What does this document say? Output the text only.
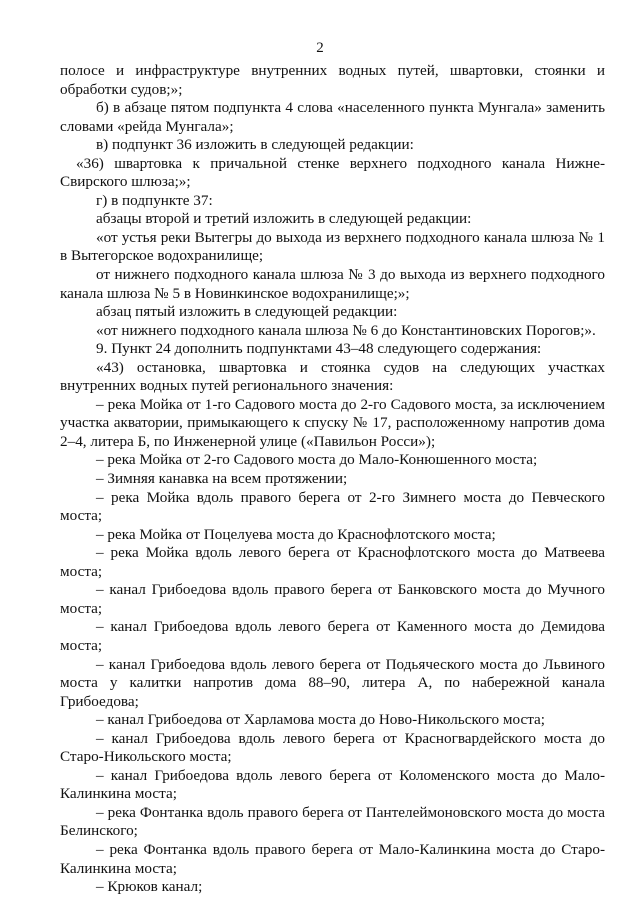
2

полосе и инфраструктуре внутренних водных путей, швартовки, стоянки и обработки судов;»;

б) в абзаце пятом подпункта 4 слова «населенного пункта Мунгала» заменить словами «рейда Мунгала»;

в) подпункт 36 изложить в следующей редакции:

«36) швартовка к причальной стенке верхнего подходного канала Нижне-Свирского шлюза;»;

г) в подпункте 37:

абзацы второй и третий изложить в следующей редакции:

«от устья реки Вытегры до выхода из верхнего подходного канала шлюза № 1 в Вытегорское водохранилище;

от нижнего подходного канала шлюза № 3 до выхода из верхнего подходного канала шлюза № 5 в Новинкинское водохранилище;»;

абзац пятый изложить в следующей редакции:

«от нижнего подходного канала шлюза № 6 до Константиновских Порогов;».

9. Пункт 24 дополнить подпунктами 43–48 следующего содержания:

«43) остановка, швартовка и стоянка судов на следующих участках внутренних водных путей регионального значения:

– река Мойка от 1-го Садового моста до 2-го Садового моста, за исключением участка акватории, примыкающего к спуску № 17, расположенному напротив дома 2–4, литера Б, по Инженерной улице («Павильон Росси»);

– река Мойка от 2-го Садового моста до Мало-Конюшенного моста;

– Зимняя канавка на всем протяжении;

– река Мойка вдоль правого берега от 2-го Зимнего моста до Певческого моста;

– река Мойка от Поцелуева моста до Краснофлотского моста;

– река Мойка вдоль левого берега от Краснофлотского моста до Матвеева моста;

– канал Грибоедова вдоль правого берега от Банковского моста до Мучного моста;

– канал Грибоедова вдоль левого берега от Каменного моста до Демидова моста;

– канал Грибоедова вдоль левого берега от Подьяческого моста до Львиного моста у калитки напротив дома 88–90, литера А, по набережной канала Грибоедова;

– канал Грибоедова от Харламова моста до Ново-Никольского моста;

– канал Грибоедова вдоль левого берега от Красногвардейского моста до Старо-Никольского моста;

– канал Грибоедова вдоль левого берега от Коломенского моста до Мало-Калинкина моста;

– река Фонтанка вдоль правого берега от Пантелеймоновского моста до моста Белинского;

– река Фонтанка вдоль правого берега от Мало-Калинкина моста до Старо-Калинкина моста;

– Крюков канал;
